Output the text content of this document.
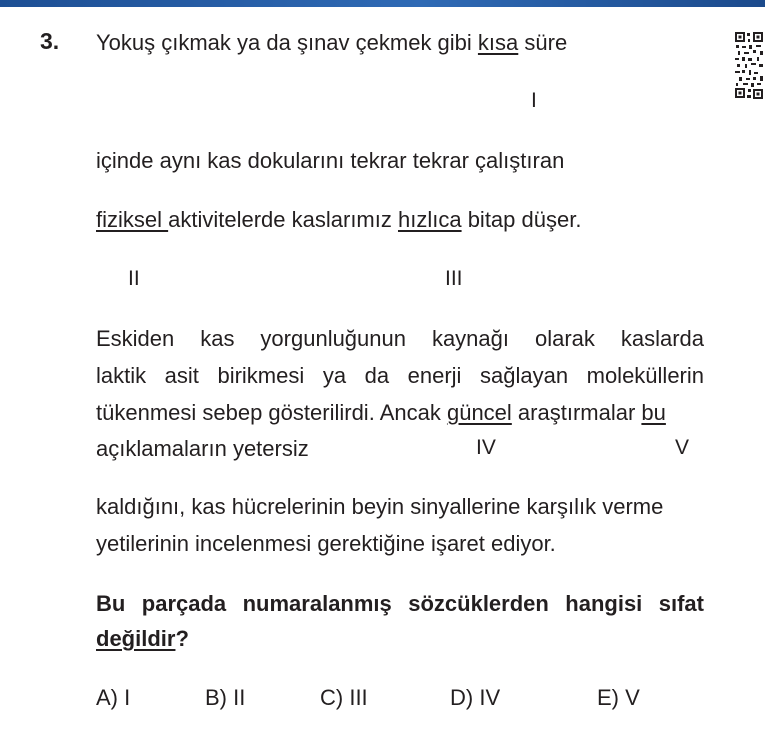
3. Yokuş çıkmak ya da şınav çekmek gibi kısa süre
I
içinde aynı kas dokularını tekrar tekrar çalıştıran
fiziksel aktivitelerde kaslarımız hızlıca bitap düşer.
II	III
Eskiden kas yorgunluğunun kaynağı olarak kaslarda
laktik asit birikmesi ya da enerji sağlayan moleküllerin
tükenmesi sebep gösterilirdi. Ancak güncel araştırmalar bu
açıklamaların yetersiz	IV	V
kaldığını, kas hücrelerinin beyin sinyallerine karşılık verme
yetilerinin incelenmesi gerektiğine işaret ediyor.
Bu parçada numaralanmış sözcüklerden hangisi sıfat
değildir?
A) I	B) II	C) III	D) IV	E) V
